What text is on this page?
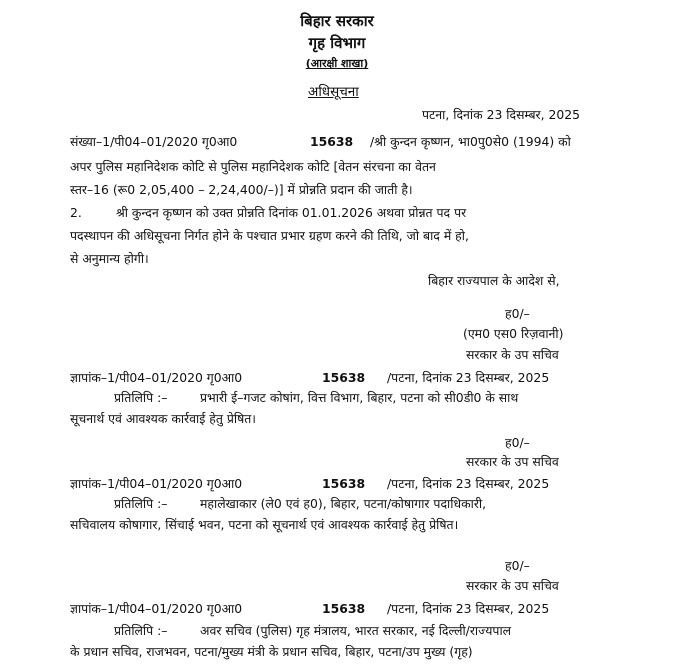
बिहार सरकार
गृह विभाग
(आरक्षी शाखा)
अधिसूचना
पटना, दिनांक 23 दिसम्बर, 2025
संख्या–1/पी04–01/2020 गृ0आ0	15638 /श्री कुन्दन कृष्णन, भा0पु0से0 (1994) को
अपर पुलिस महानिदेशक कोटि से पुलिस महानिदेशक कोटि [वेतन संरचना का वेतन
स्तर–16 (रू0 2,05,400 – 2,24,400/–)] में प्रोन्नति प्रदान की जाती है।
2.	श्री कुन्दन कृष्णन को उक्त प्रोन्नति दिनांक 01.01.2026 अथवा प्रोन्नत पद पर
पदस्थापन की अधिसूचना निर्गत होने के पश्चात प्रभार ग्रहण करने की तिथि, जो बाद में हो,
से अनुमान्य होगी।
बिहार राज्यपाल के आदेश से,
ह0/–
(एम0 एस0 रिज़वानी)
सरकार के उप सचिव
ज्ञापांक–1/पी04–01/2020 गृ0आ0	15638 /पटना, दिनांक 23 दिसम्बर, 2025
प्रतिलिपि :–	प्रभारी ई–गजट कोषांग, वित्त विभाग, बिहार, पटना को सी0डी0 के साथ
सूचनार्थ एवं आवश्यक कार्रवाई हेतु प्रेषित।
ह0/–
सरकार के उप सचिव
ज्ञापांक–1/पी04–01/2020 गृ0आ0	15638 /पटना, दिनांक 23 दिसम्बर, 2025
प्रतिलिपि :–	महालेखाकार (ले0 एवं ह0), बिहार, पटना/कोषागार पदाधिकारी,
सचिवालय कोषागार, सिंचाई भवन, पटना को सूचनार्थ एवं आवश्यक कार्रवाई हेतु प्रेषित।
ह0/–
सरकार के उप सचिव
ज्ञापांक–1/पी04–01/2020 गृ0आ0	15638 /पटना, दिनांक 23 दिसम्बर, 2025
प्रतिलिपि :–	अवर सचिव (पुलिस) गृह मंत्रालय, भारत सरकार, नई दिल्ली/राज्यपाल
के प्रधान सचिव, राजभवन, पटना/मुख्य मंत्री के प्रधान सचिव, बिहार, पटना/उप मुख्य (गृह)
